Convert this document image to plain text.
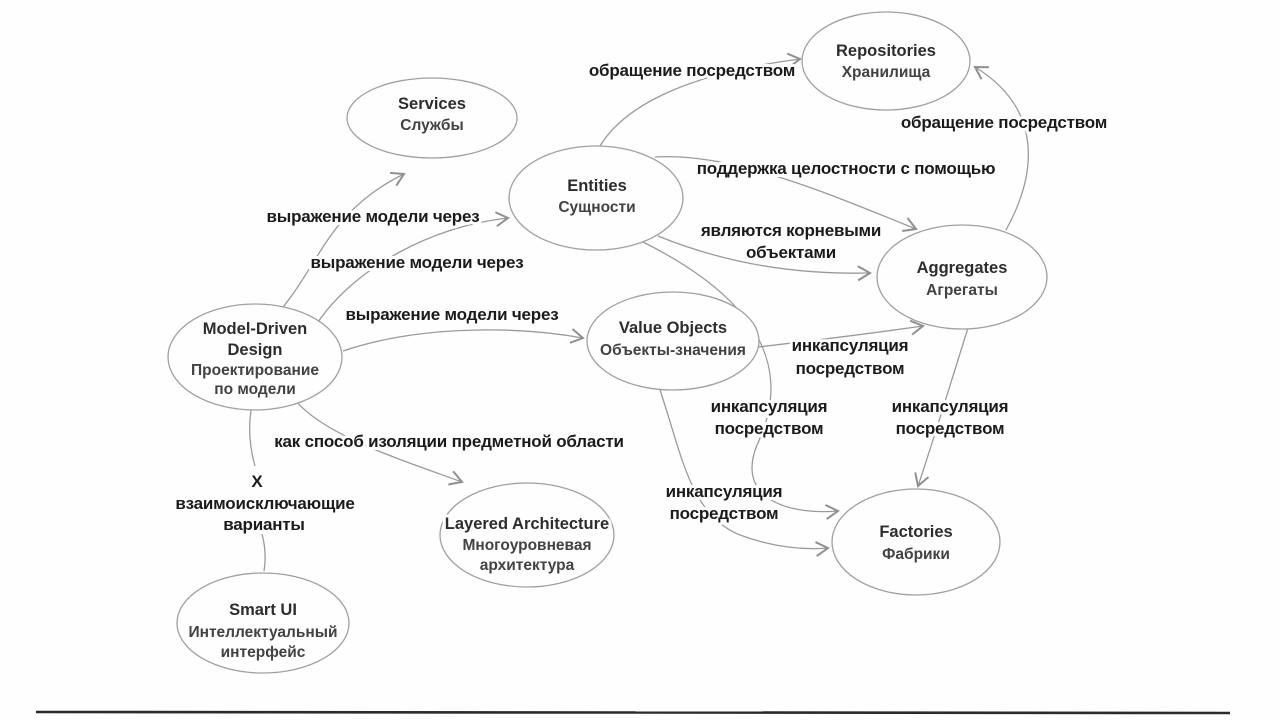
Services
Службы
Repositories
Хранилища
Entities
Сущности
Aggregates
Агрегаты
Model-Driven
Design
Проектирование
по модели
Value Objects
Объекты-значения
Layered Architecture
Многоуровневая
архитектура
Factories
Фабрики
Smart UI
Интеллектуальный
интерфейс
выражение модели через
выражение модели через
выражение модели через
как способ изоляции предметной области
X
взаимоисключающие
варианты
обращение посредством
обращение посредством
поддержка целостности с помощью
являются корневыми
объектами
инкапсуляция
посредством
инкапсуляция
посредством
инкапсуляция
посредством
инкапсуляция
посредством
